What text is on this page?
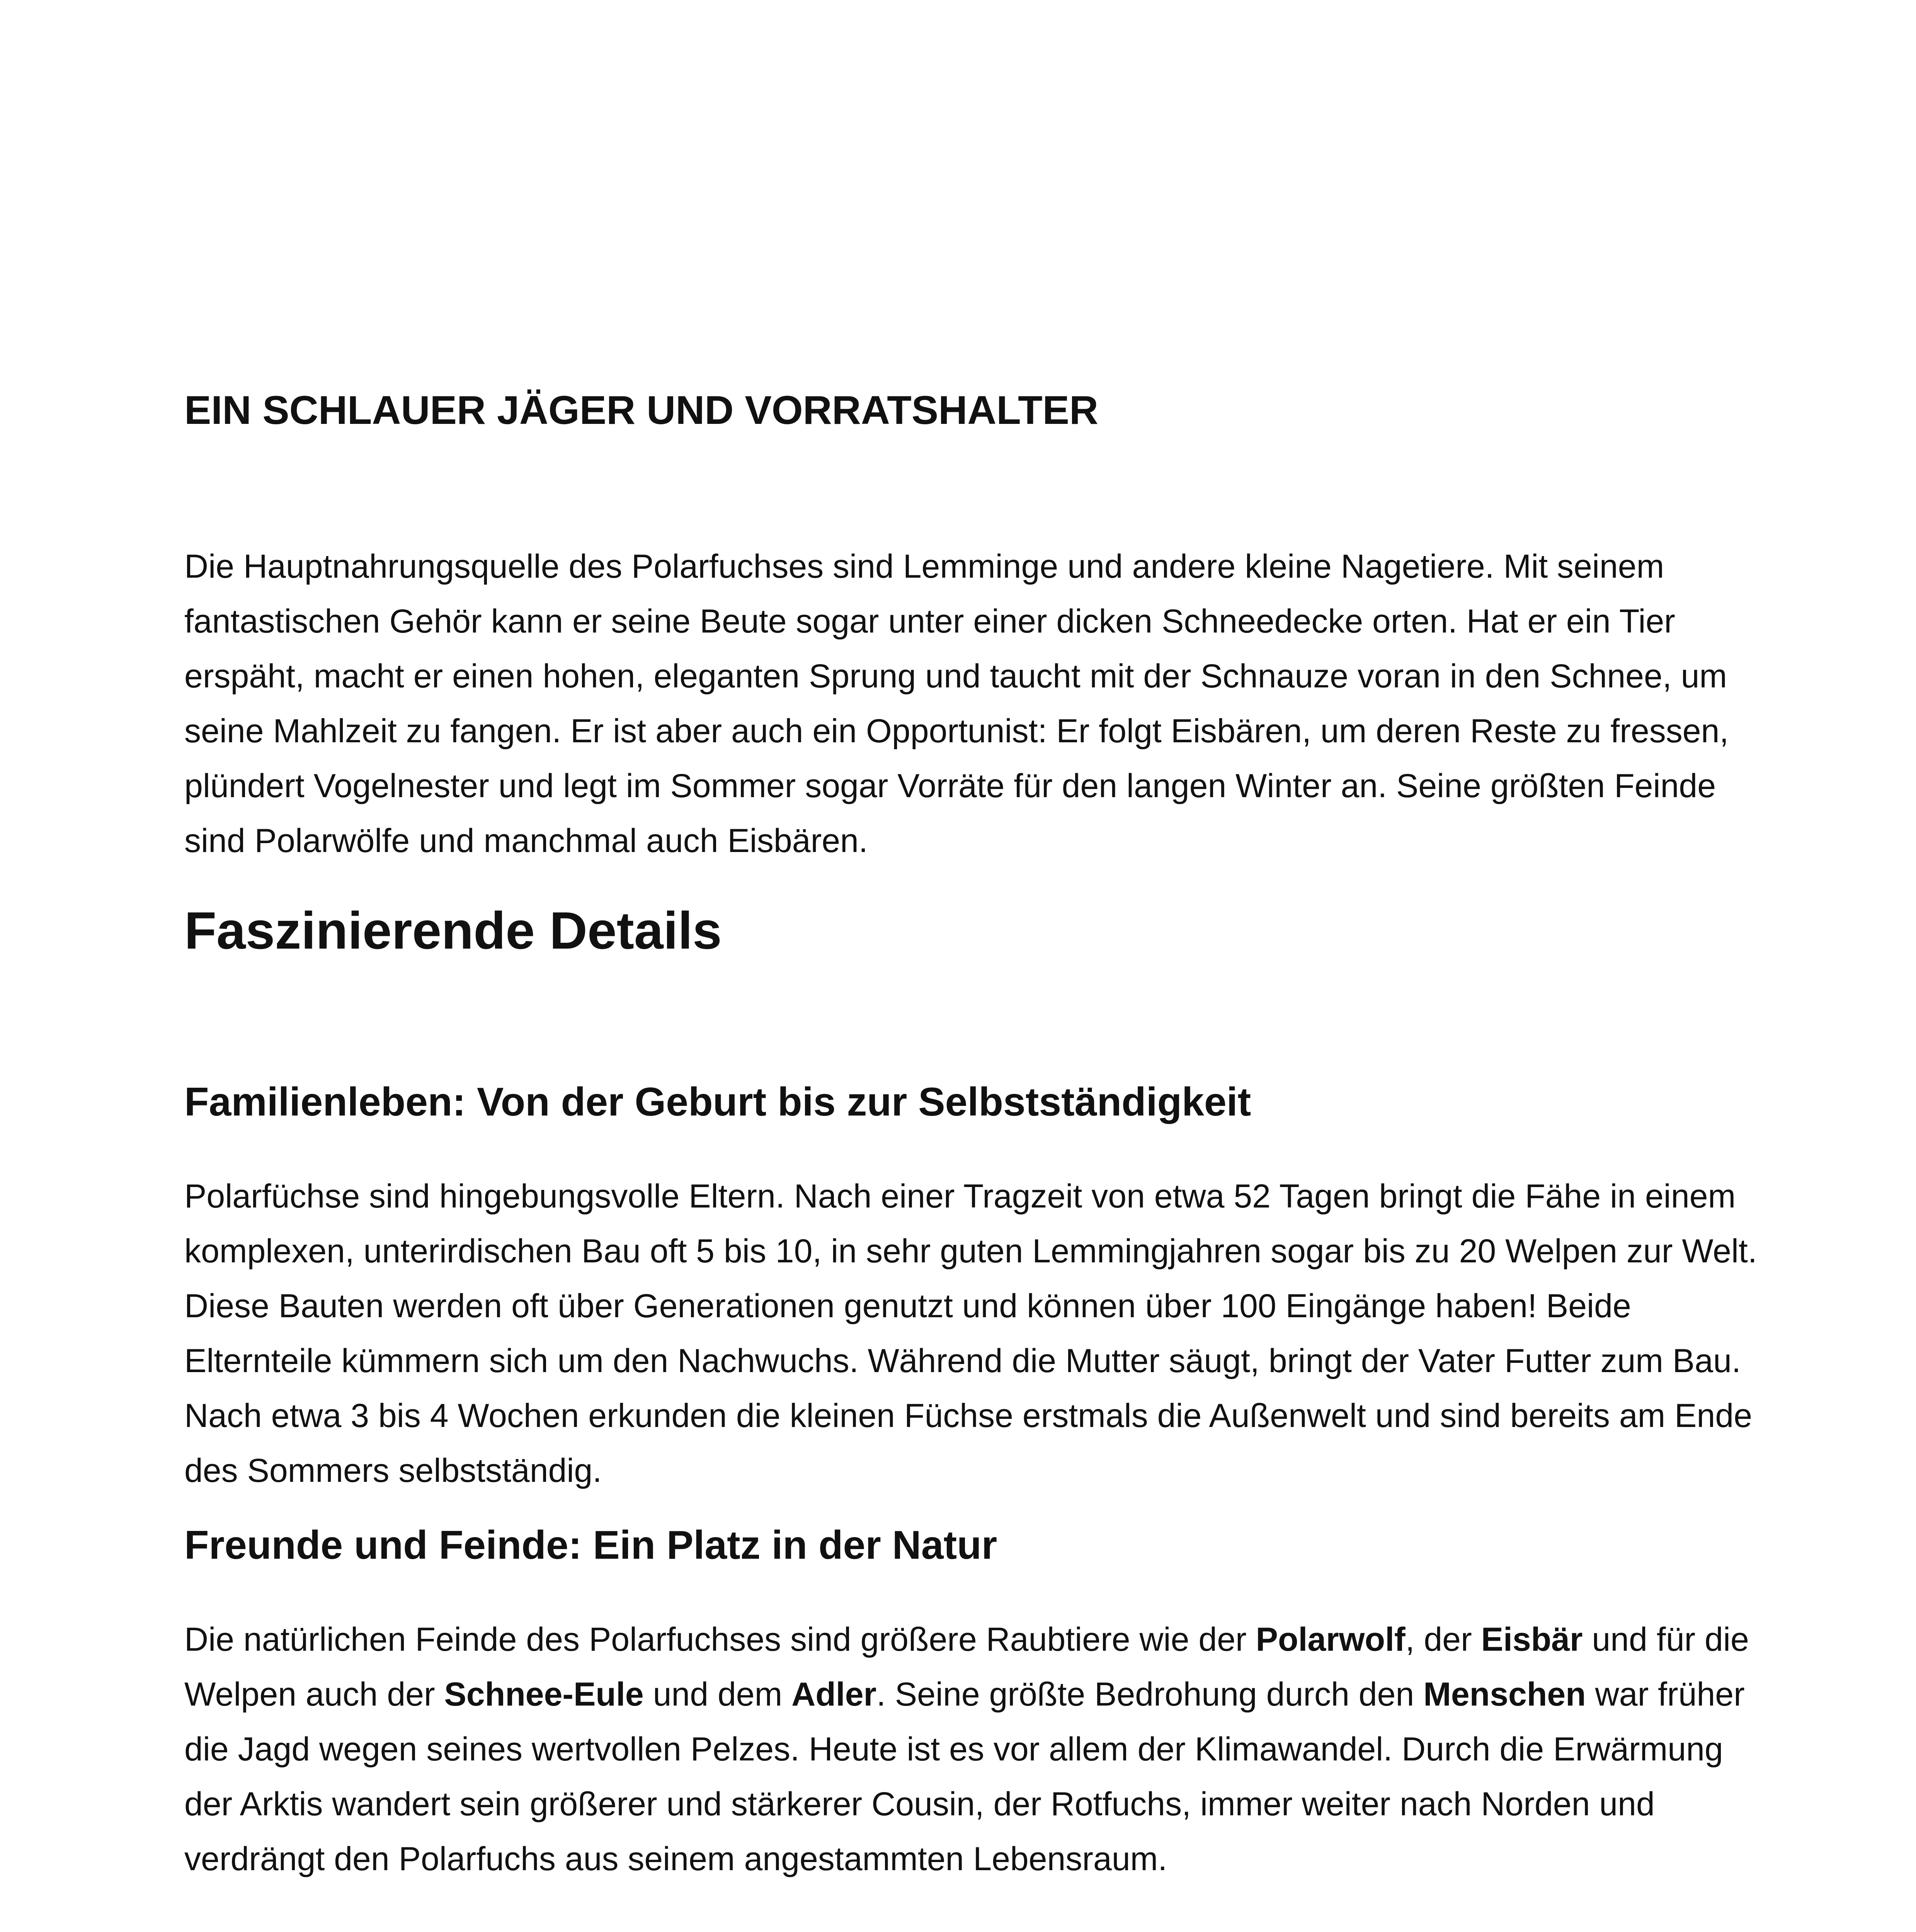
EIN SCHLAUER JÄGER UND VORRATSHALTER

Die Hauptnahrungsquelle des Polarfuchses sind Lemminge und andere kleine Nagetiere. Mit seinem fantastischen Gehör kann er seine Beute sogar unter einer dicken Schneedecke orten. Hat er ein Tier erspäht, macht er einen hohen, eleganten Sprung und taucht mit der Schnauze voran in den Schnee, um seine Mahlzeit zu fangen. Er ist aber auch ein Opportunist: Er folgt Eisbären, um deren Reste zu fressen, plündert Vogelnester und legt im Sommer sogar Vorräte für den langen Winter an. Seine größten Feinde sind Polarwölfe und manchmal auch Eisbären.

Faszinierende Details
Familienleben: Von der Geburt bis zur Selbstständigkeit

Polarfüchse sind hingebungsvolle Eltern. Nach einer Tragzeit von etwa 52 Tagen bringt die Fähe in einem komplexen, unterirdischen Bau oft 5 bis 10, in sehr guten Lemmingjahren sogar bis zu 20 Welpen zur Welt. Diese Bauten werden oft über Generationen genutzt und können über 100 Eingänge haben! Beide Elternteile kümmern sich um den Nachwuchs. Während die Mutter säugt, bringt der Vater Futter zum Bau. Nach etwa 3 bis 4 Wochen erkunden die kleinen Füchse erstmals die Außenwelt und sind bereits am Ende des Sommers selbstständig.

Freunde und Feinde: Ein Platz in der Natur

Die natürlichen Feinde des Polarfuchses sind größere Raubtiere wie der Polarwolf, der Eisbär und für die Welpen auch der Schnee-Eule und dem Adler. Seine größte Bedrohung durch den Menschen war früher die Jagd wegen seines wertvollen Pelzes. Heute ist es vor allem der Klimawandel. Durch die Erwärmung der Arktis wandert sein größerer und stärkerer Cousin, der Rotfuchs, immer weiter nach Norden und verdrängt den Polarfuchs aus seinem angestammten Lebensraum.
